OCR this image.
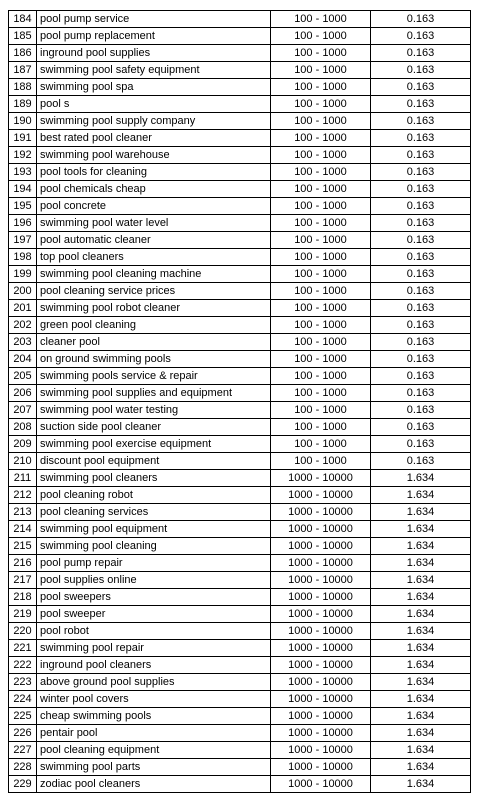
184	pool pump service	100 - 1000	0.163
185	pool pump replacement	100 - 1000	0.163
186	inground pool supplies	100 - 1000	0.163
187	swimming pool safety equipment	100 - 1000	0.163
188	swimming pool spa	100 - 1000	0.163
189	pool s	100 - 1000	0.163
190	swimming pool supply company	100 - 1000	0.163
191	best rated pool cleaner	100 - 1000	0.163
192	swimming pool warehouse	100 - 1000	0.163
193	pool tools for cleaning	100 - 1000	0.163
194	pool chemicals cheap	100 - 1000	0.163
195	pool concrete	100 - 1000	0.163
196	swimming pool water level	100 - 1000	0.163
197	pool automatic cleaner	100 - 1000	0.163
198	top pool cleaners	100 - 1000	0.163
199	swimming pool cleaning machine	100 - 1000	0.163
200	pool cleaning service prices	100 - 1000	0.163
201	swimming pool robot cleaner	100 - 1000	0.163
202	green pool cleaning	100 - 1000	0.163
203	cleaner pool	100 - 1000	0.163
204	on ground swimming pools	100 - 1000	0.163
205	swimming pools service & repair	100 - 1000	0.163
206	swimming pool supplies and equipment	100 - 1000	0.163
207	swimming pool water testing	100 - 1000	0.163
208	suction side pool cleaner	100 - 1000	0.163
209	swimming pool exercise equipment	100 - 1000	0.163
210	discount pool equipment	100 - 1000	0.163
211	swimming pool cleaners	1000 - 10000	1.634
212	pool cleaning robot	1000 - 10000	1.634
213	pool cleaning services	1000 - 10000	1.634
214	swimming pool equipment	1000 - 10000	1.634
215	swimming pool cleaning	1000 - 10000	1.634
216	pool pump repair	1000 - 10000	1.634
217	pool supplies online	1000 - 10000	1.634
218	pool sweepers	1000 - 10000	1.634
219	pool sweeper	1000 - 10000	1.634
220	pool robot	1000 - 10000	1.634
221	swimming pool repair	1000 - 10000	1.634
222	inground pool cleaners	1000 - 10000	1.634
223	above ground pool supplies	1000 - 10000	1.634
224	winter pool covers	1000 - 10000	1.634
225	cheap swimming pools	1000 - 10000	1.634
226	pentair pool	1000 - 10000	1.634
227	pool cleaning equipment	1000 - 10000	1.634
228	swimming pool parts	1000 - 10000	1.634
229	zodiac pool cleaners	1000 - 10000	1.634
